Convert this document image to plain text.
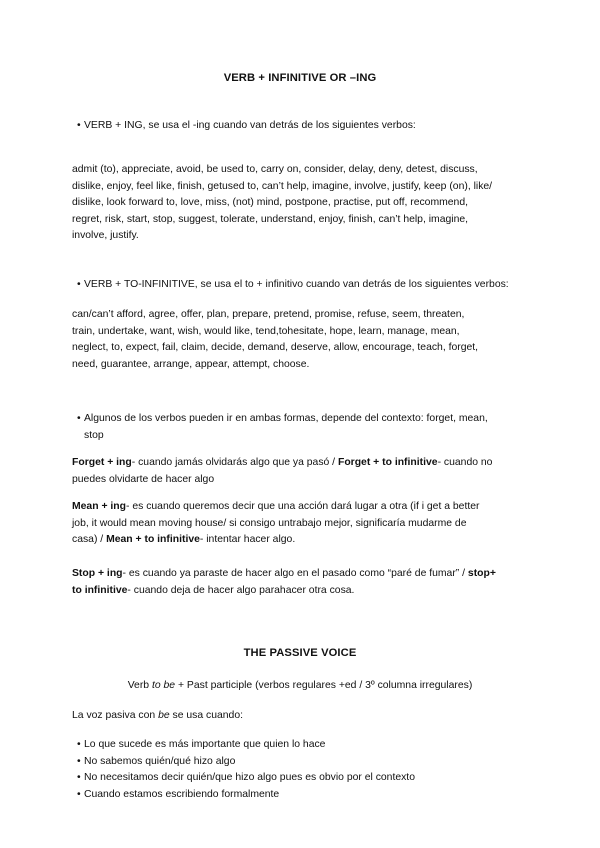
VERB + INFINITIVE OR –ING
• VERB + ING, se usa el -ing cuando van detrás de los siguientes verbos:
admit (to), appreciate, avoid, be used to, carry on, consider, delay, deny, detest, discuss,
dislike, enjoy, feel like, finish, getused to, can’t help, imagine, involve, justify, keep (on), like/
dislike, look forward to, love, miss, (not) mind, postpone, practise, put off, recommend,
regret, risk, start, stop, suggest, tolerate, understand, enjoy, finish, can’t help, imagine,
involve, justify.
• VERB + TO-INFINITIVE, se usa el to + infinitivo cuando van detrás de los siguientes verbos:
can/can’t afford, agree, offer, plan, prepare, pretend, promise, refuse, seem, threaten,
train, undertake, want, wish, would like, tend,tohesitate, hope, learn, manage, mean,
neglect, to, expect, fail, claim, decide, demand, deserve, allow, encourage, teach, forget,
need, guarantee, arrange, appear, attempt, choose.
• Algunos de los verbos pueden ir en ambas formas, depende del contexto: forget, mean,
stop
Forget + ing- cuando jamás olvidarás algo que ya pasó / Forget + to infinitive- cuando no
puedes olvidarte de hacer algo
Mean + ing- es cuando queremos decir que una acción dará lugar a otra (if i get a better
job, it would mean moving house/ si consigo untrabajo mejor, significaría mudarme de
casa) / Mean + to infinitive- intentar hacer algo.
Stop + ing- es cuando ya paraste de hacer algo en el pasado como “paré de fumar” / stop+
to infinitive- cuando deja de hacer algo parahacer otra cosa.
THE PASSIVE VOICE
Verb to be + Past participle (verbos regulares +ed / 3º columna irregulares)
La voz pasiva con be se usa cuando:
• Lo que sucede es más importante que quien lo hace
• No sabemos quién/qué hizo algo
• No necesitamos decir quién/que hizo algo pues es obvio por el contexto
• Cuando estamos escribiendo formalmente
